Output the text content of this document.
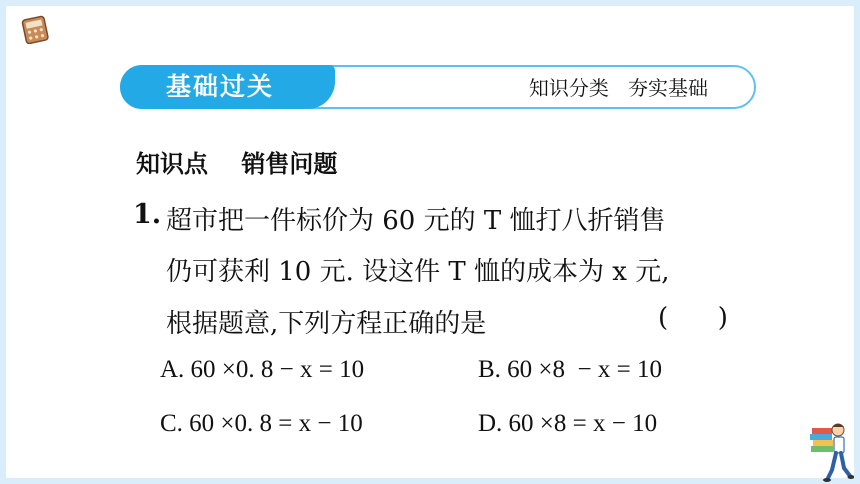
基础过关	知识分类   夯实基础
知识点    销售问题
1. 超市把一件标价为 60 元的 T 恤打八折销售
仍可获利 10 元. 设这件 T 恤的成本为 x 元,
根据题意,下列方程正确的是	(      )
A. 60 ×0. 8 − x = 10	B. 60 ×8  − x = 10
C. 60 ×0. 8 = x − 10	D. 60 ×8 = x − 10
